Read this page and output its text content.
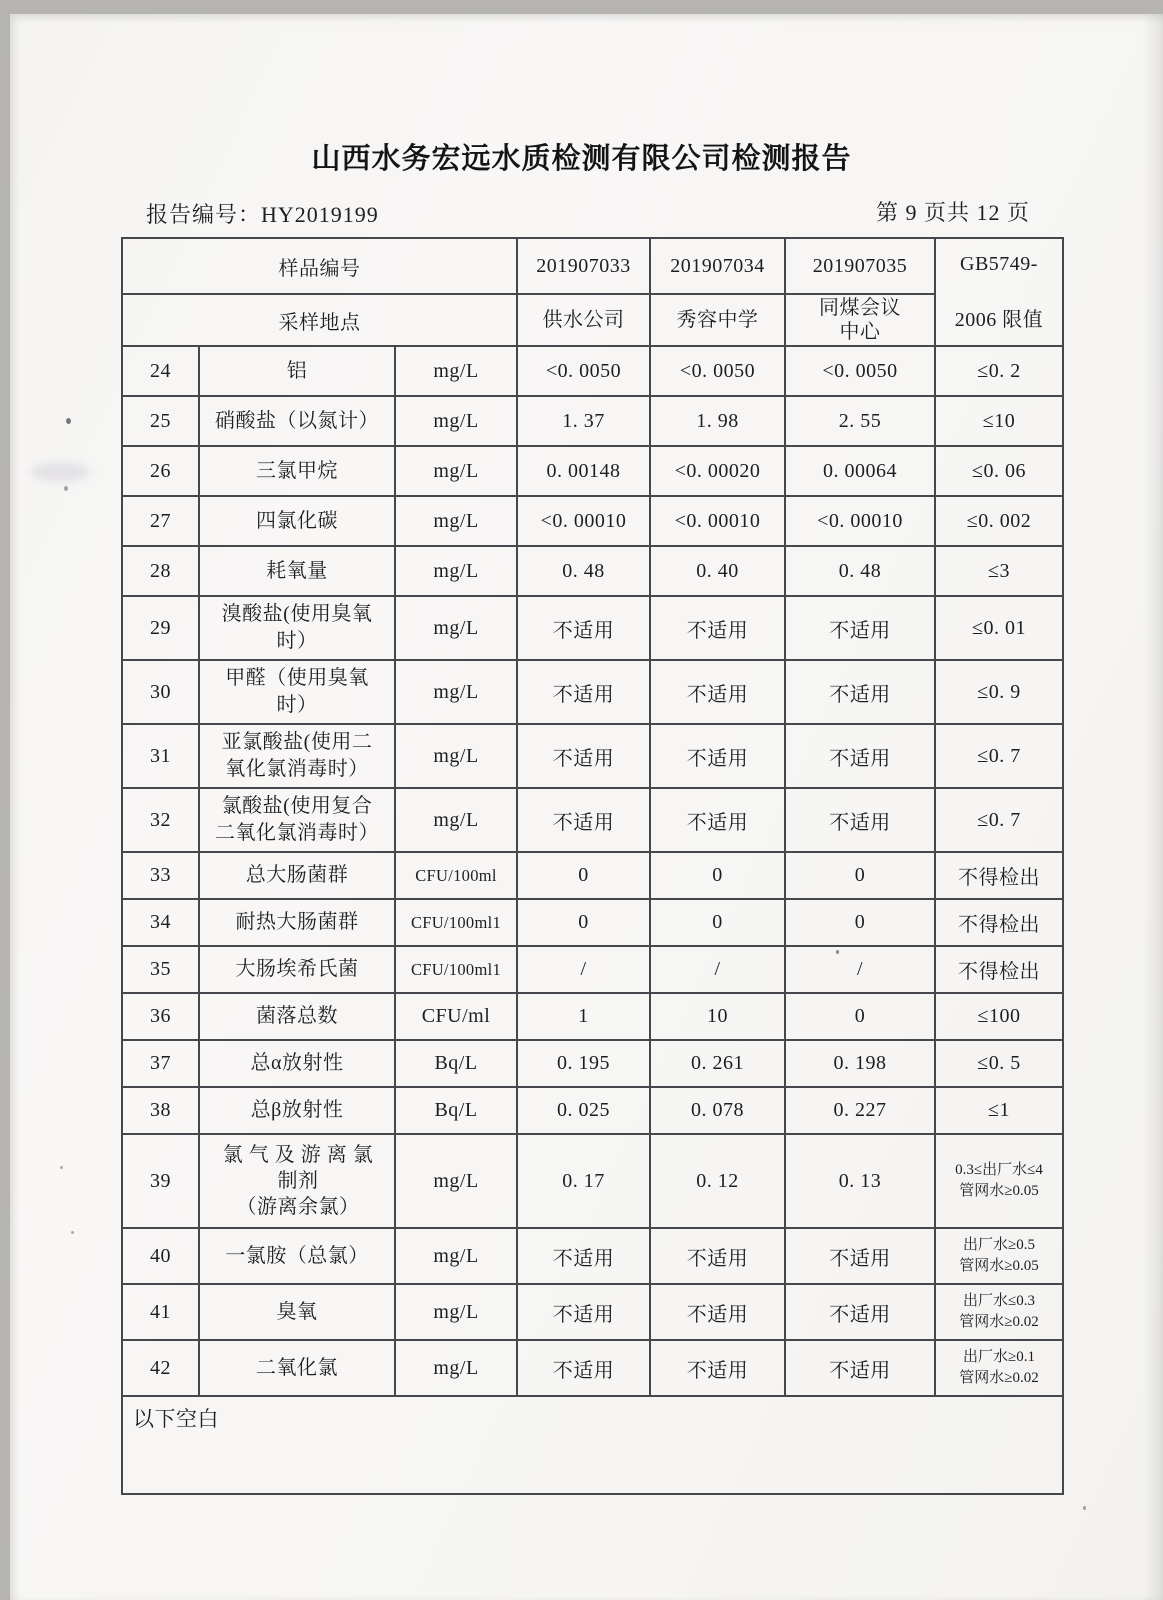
山西水务宏远水质检测有限公司检测报告
报告编号：HY2019199	第 9 页共 12 页
样品编号			201907033	201907034	201907035	GB5749-
2006 限值

采样地点			供水公司	秀容中学	同煤会议
中心	
24	铝	mg/L	<0. 0050	<0. 0050	<0. 0050	≤0. 2
25	硝酸盐（以氮计）	mg/L	1. 37	1. 98	2. 55	≤10
26	三氯甲烷	mg/L	0. 00148	<0. 00020	0. 00064	≤0. 06
27	四氯化碳	mg/L	<0. 00010	<0. 00010	<0. 00010	≤0. 002
28	耗氧量	mg/L	0. 48	0. 40	0. 48	≤3
29	溴酸盐(使用臭氧
时）	mg/L	不适用	不适用	不适用	≤0. 01
30	甲醛（使用臭氧
时）	mg/L	不适用	不适用	不适用	≤0. 9
31	亚氯酸盐(使用二
氧化氯消毒时）	mg/L	不适用	不适用	不适用	≤0. 7
32	氯酸盐(使用复合
二氧化氯消毒时）	mg/L	不适用	不适用	不适用	≤0. 7
33	总大肠菌群	CFU/100ml	0	0	0	不得检出
34	耐热大肠菌群	CFU/100ml1	0	0	0	不得检出
35	大肠埃希氏菌	CFU/100ml1	/	/	/	不得检出
36	菌落总数	CFU/ml	1	10	0	≤100
37	总α放射性	Bq/L	0. 195	0. 261	0. 198	≤0. 5
38	总β放射性	Bq/L	0. 025	0. 078	0. 227	≤1
39	氯 气 及 游 离 氯
制剂
（游离余氯）	mg/L	0. 17	0. 12	0. 13	0.3≤出厂水≤4
管网水≥0.05
40	一氯胺（总氯）	mg/L	不适用	不适用	不适用	出厂水≥0.5
管网水≥0.05
41	臭氧	mg/L	不适用	不适用	不适用	出厂水≤0.3
管网水≥0.02
42	二氧化氯	mg/L	不适用	不适用	不适用	出厂水≥0.1
管网水≥0.02
以下空白						
